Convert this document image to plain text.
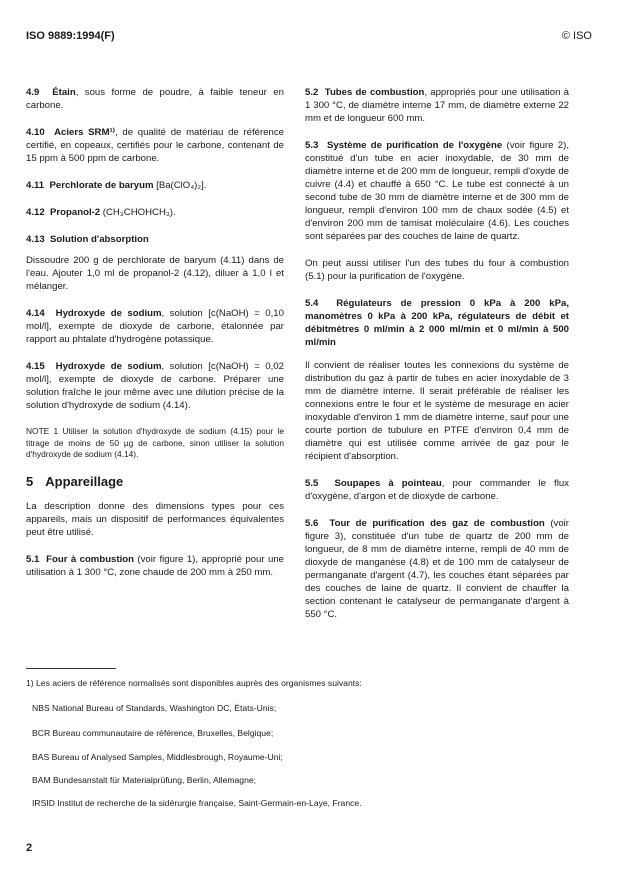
ISO 9889:1994(F)	© ISO

4.9 Étain, sous forme de poudre, à faible teneur en carbone.

4.10 Aciers SRM¹⁾, de qualité de matériau de référence certifié, en copeaux, certifiés pour le carbone, contenant de 15 ppm à 500 ppm de carbone.

4.11 Perchlorate de baryum [Ba(ClO₄)₂].

4.12 Propanol-2 (CH₃CHOHCH₃).

4.13 Solution d'absorption

Dissoudre 200 g de perchlorate de baryum (4.11) dans de l'eau. Ajouter 1,0 ml de propanol-2 (4.12), diluer à 1,0 l et mélanger.

4.14 Hydroxyde de sodium, solution [c(NaOH) = 0,10 mol/l], exempte de dioxyde de carbone, étalonnée par rapport au phtalate d'hydrogène potassique.

4.15 Hydroxyde de sodium, solution [c(NaOH) = 0,02 mol/l], exempte de dioxyde de carbone. Préparer une solution fraîche le jour même avec une dilution précise de la solution d'hydroxyde de sodium (4.14).

NOTE 1 Utiliser la solution d'hydroxyde de sodium (4.15) pour le titrage de moins de 50 µg de carbone, sinon utiliser la solution d'hydroxyde de sodium (4.14).

5 Appareillage

La description donne des dimensions types pour ces appareils, mais un dispositif de performances équivalentes peut être utilisé.

5.1 Four à combustion (voir figure 1), approprié pour une utilisation à 1 300 °C, zone chaude de 200 mm à 250 mm.

5.2 Tubes de combustion, appropriés pour une utilisation à 1 300 °C, de diamètre interne 17 mm, de diamètre externe 22 mm et de longueur 600 mm.

5.3 Système de purification de l'oxygène (voir figure 2), constitué d'un tube en acier inoxydable, de 30 mm de diamètre interne et de 200 mm de longueur, rempli d'oxyde de cuivre (4.4) et chauffé à 650 °C. Le tube est connecté à un second tube de 30 mm de diamètre interne et de 300 mm de longueur, rempli d'environ 100 mm de chaux sodée (4.5) et d'environ 200 mm de tamisat moléculaire (4.6). Les couches sont séparées par des couches de laine de quartz.

On peut aussi utiliser l'un des tubes du four à combustion (5.1) pour la purification de l'oxygène.

5.4 Régulateurs de pression 0 kPa à 200 kPa, manomètres 0 kPa à 200 kPa, régulateurs de débit et débitmètres 0 ml/min à 2 000 ml/min et 0 ml/min à 500 ml/min

Il convient de réaliser toutes les connexions du système de distribution du gaz à partir de tubes en acier inoxydable de 3 mm de diamètre interne. Il serait préférable de réaliser les connexions entre le four et le système de mesurage en acier inoxydable d'environ 1 mm de diamètre interne, sauf pour une courte portion de tubulure en PTFE d'environ 0,4 mm de diamètre qui est utilisée comme arrivée de gaz pour le récipient d'absorption.

5.5 Soupapes à pointeau, pour commander le flux d'oxygène, d'argon et de dioxyde de carbone.

5.6 Tour de purification des gaz de combustion (voir figure 3), constituée d'un tube de quartz de 200 mm de longueur, de 8 mm de diamètre interne, rempli de 40 mm de dioxyde de manganèse (4.8) et de 100 mm de catalyseur de permanganate d'argent (4.7), les couches étant séparées par des couches de laine de quartz. Il convient de chauffer la section contenant le catalyseur de permanganate d'argent à 550 °C.

1) Les aciers de référence normalisés sont disponibles auprès des organismes suivants:
NBS National Bureau of Standards, Washington DC, États-Unis;
BCR Bureau communautaire de référence, Bruxelles, Belgique;
BAS Bureau of Analysed Samples, Middlesbrough, Royaume-Uni;
BAM Bundesanstalt für Materialprüfung, Berlin, Allemagne;
IRSID Institut de recherche de la sidérurgie française, Saint-Germain-en-Laye, France.
2
